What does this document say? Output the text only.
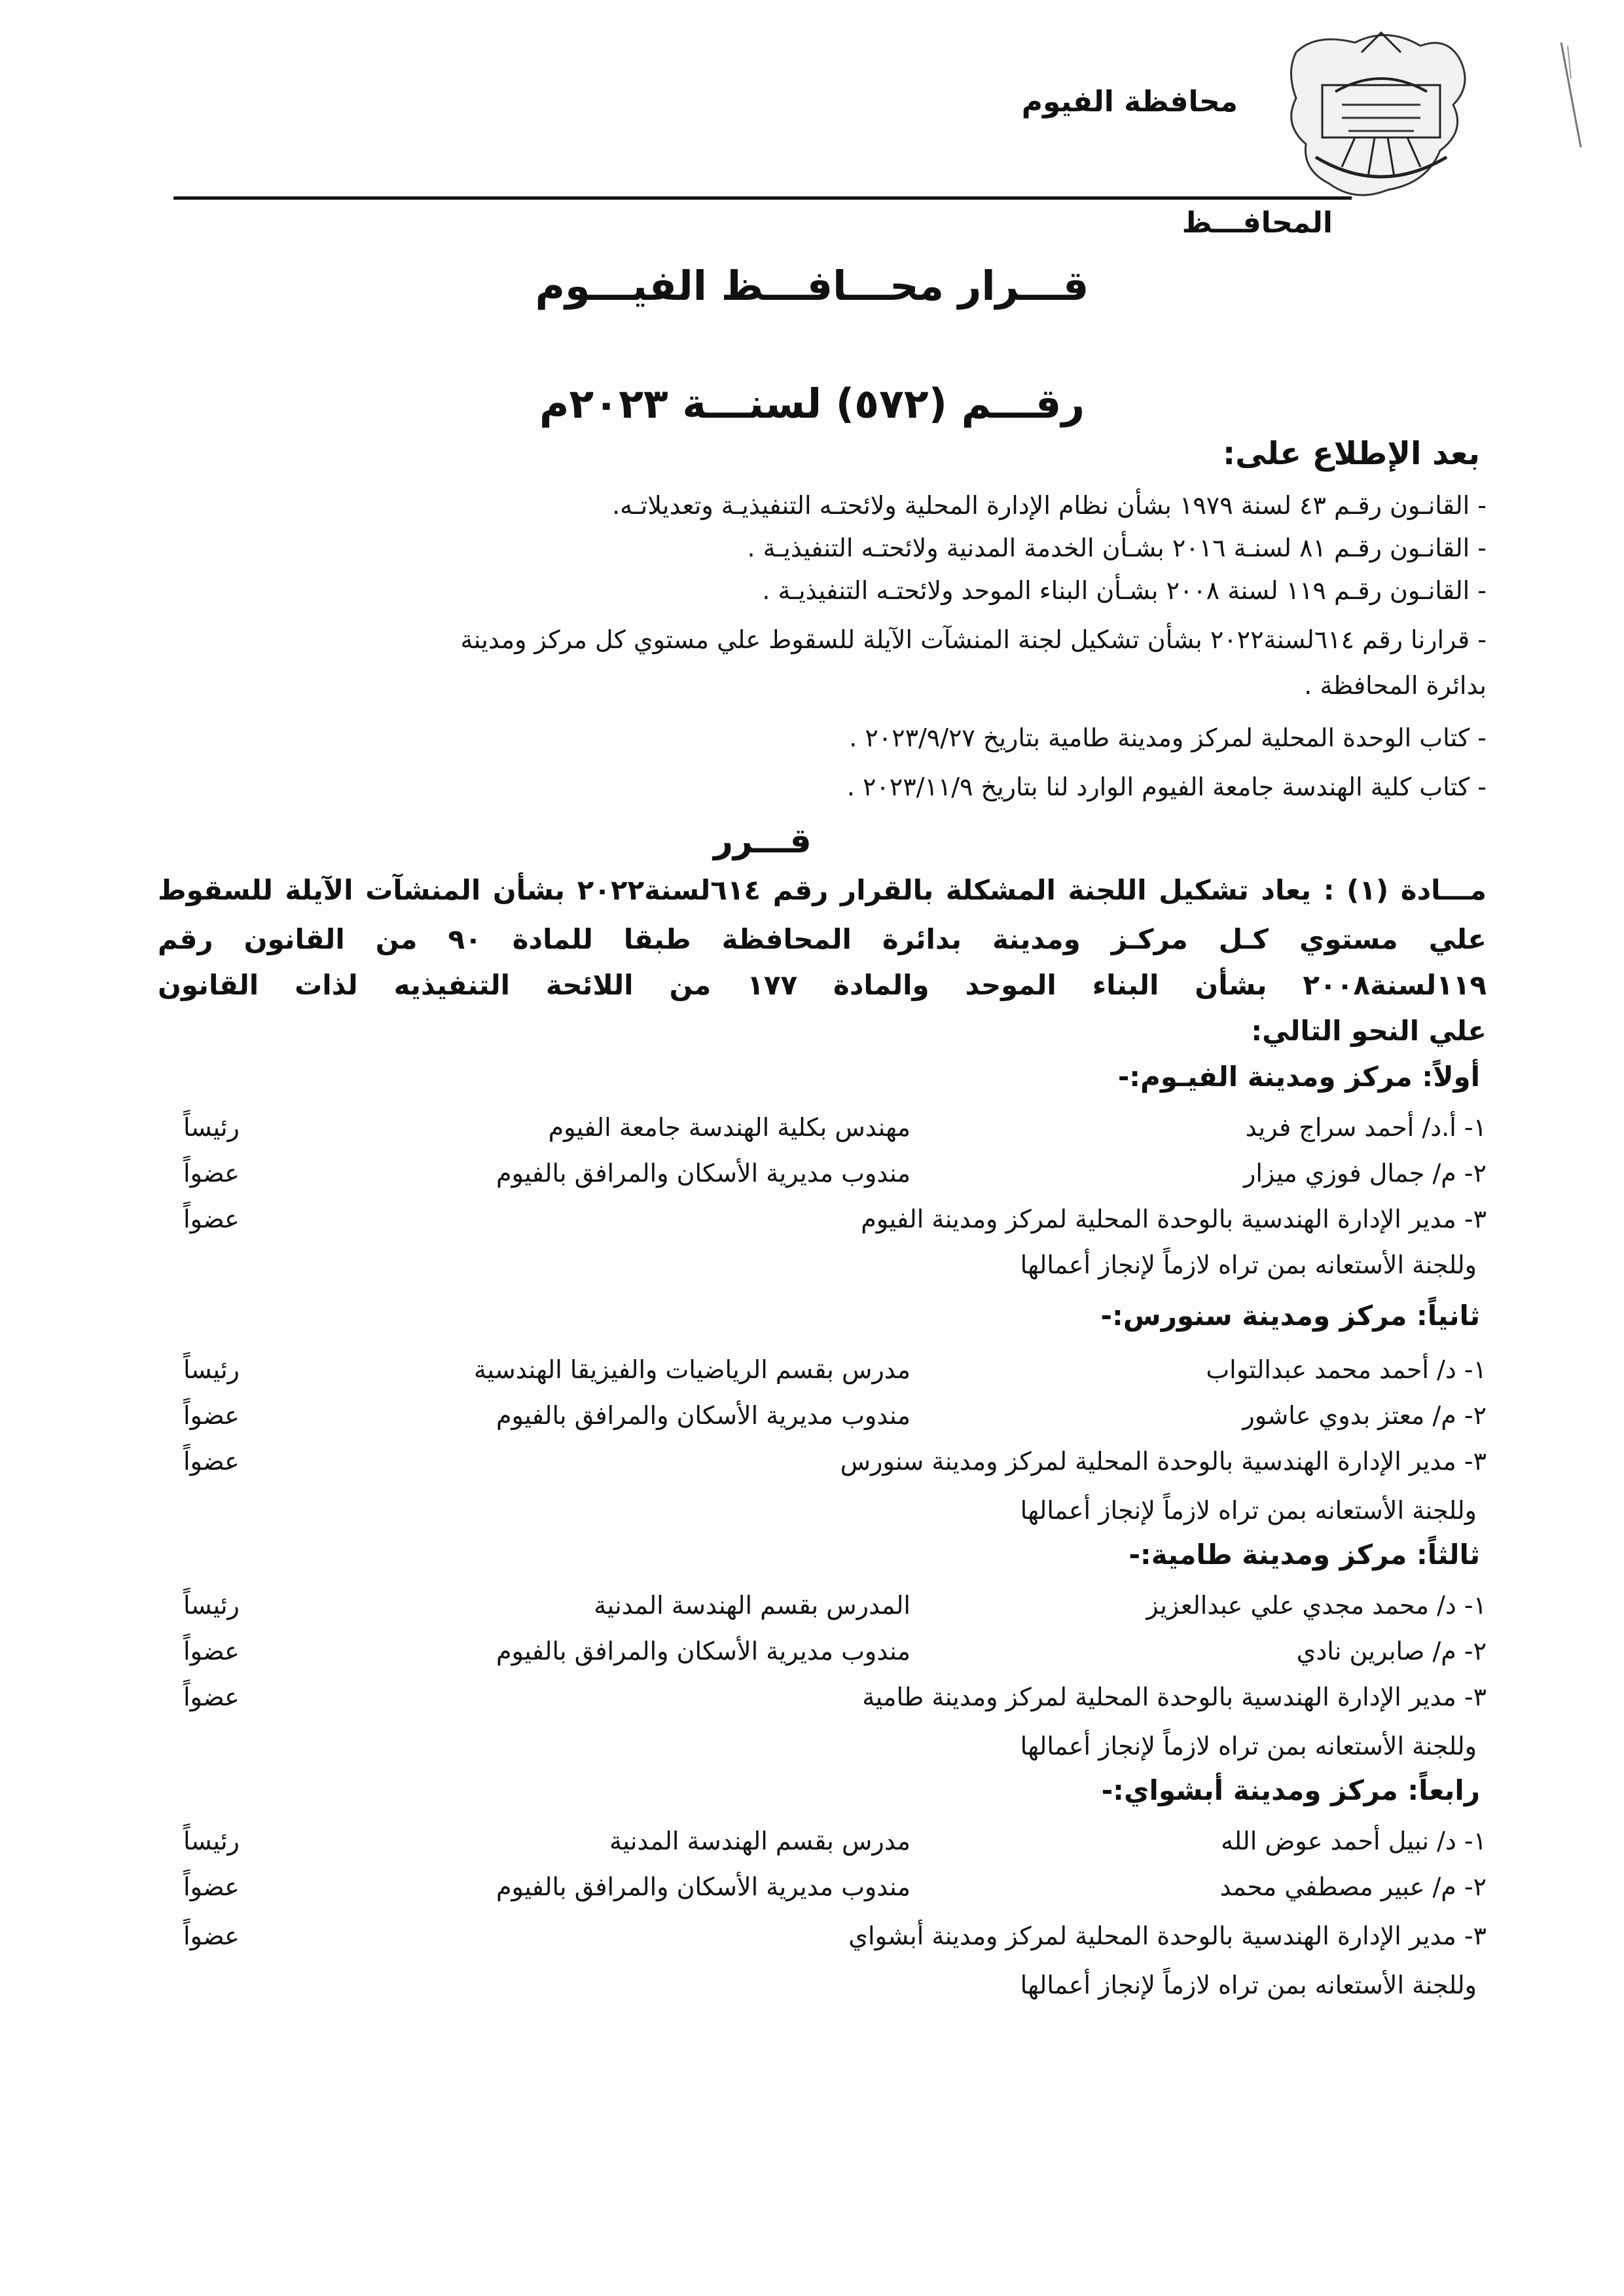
محافظة الفيوم
المحافـــظ
قـــرار محـــافـــظ الفيـــوم
رقـــم (٥٧٢) لسنـــة ٢٠٢٣م
بعد الإطلاع على:
- القانـون رقـم ٤٣ لسنة ١٩٧٩ بشأن نظام الإدارة المحلية ولائحتـه التنفيذيـة وتعديلاتـه.
- القانـون رقـم ٨١ لسنـة ٢٠١٦ بشـأن الخدمة المدنية ولائحتـه التنفيذيـة .
- القانـون رقـم ١١٩ لسنة ٢٠٠٨ بشـأن البناء الموحد ولائحتـه التنفيذيـة .
- قرارنا رقم ٦١٤لسنة٢٠٢٢ بشأن تشكيل لجنة المنشآت الآيلة للسقوط علي مستوي كل مركز ومدينة
بدائرة المحافظة .
- كتاب الوحدة المحلية لمركز ومدينة طامية بتاريخ ٢٠٢٣/٩/٢٧ .
- كتاب كلية الهندسة جامعة الفيوم الوارد لنا بتاريخ ٢٠٢٣/١١/٩ .
قـــرر
مـــادة (١) : يعاد تشكيل اللجنة المشكلة بالقرار رقم ٦١٤لسنة٢٠٢٢ بشأن المنشآت الآيلة للسقوط
علي مستوي كـل مركـز ومدينة بدائرة المحافظة طبقا للمادة ٩٠ من القانون رقم
١١٩لسنة٢٠٠٨ بشأن البناء الموحد والمادة ١٧٧ من اللائحة التنفيذيه لذات القانون
علي النحو التالي:
أولاً: مركز ومدينة الفيـوم:-
١- أ.د/ أحمد سراج فريد
مهندس بكلية الهندسة جامعة الفيوم
رئيساً
٢- م/ جمال فوزي ميزار
مندوب مديرية الأسكان والمرافق بالفيوم
عضواً
٣- مدير الإدارة الهندسية بالوحدة المحلية لمركز ومدينة الفيوم
عضواً
وللجنة الأستعانه بمن تراه لازماً لإنجاز أعمالها
ثانياً: مركز ومدينة سنورس:-
١- د/ أحمد محمد عبدالتواب
مدرس بقسم الرياضيات والفيزيقا الهندسية
رئيساً
٢- م/ معتز بدوي عاشور
مندوب مديرية الأسكان والمرافق بالفيوم
عضواً
٣- مدير الإدارة الهندسية بالوحدة المحلية لمركز ومدينة سنورس
عضواً
وللجنة الأستعانه بمن تراه لازماً لإنجاز أعمالها
ثالثاً: مركز ومدينة طامية:-
١- د/ محمد مجدي علي عبدالعزيز
المدرس بقسم الهندسة المدنية
رئيساً
٢- م/ صابرين نادي
مندوب مديرية الأسكان والمرافق بالفيوم
عضواً
٣- مدير الإدارة الهندسية بالوحدة المحلية لمركز ومدينة طامية
عضواً
وللجنة الأستعانه بمن تراه لازماً لإنجاز أعمالها
رابعاً: مركز ومدينة أبشواي:-
١- د/ نبيل أحمد عوض الله
مدرس بقسم الهندسة المدنية
رئيساً
٢- م/ عبير مصطفي محمد
مندوب مديرية الأسكان والمرافق بالفيوم
عضواً
٣- مدير الإدارة الهندسية بالوحدة المحلية لمركز ومدينة أبشواي
عضواً
وللجنة الأستعانه بمن تراه لازماً لإنجاز أعمالها
